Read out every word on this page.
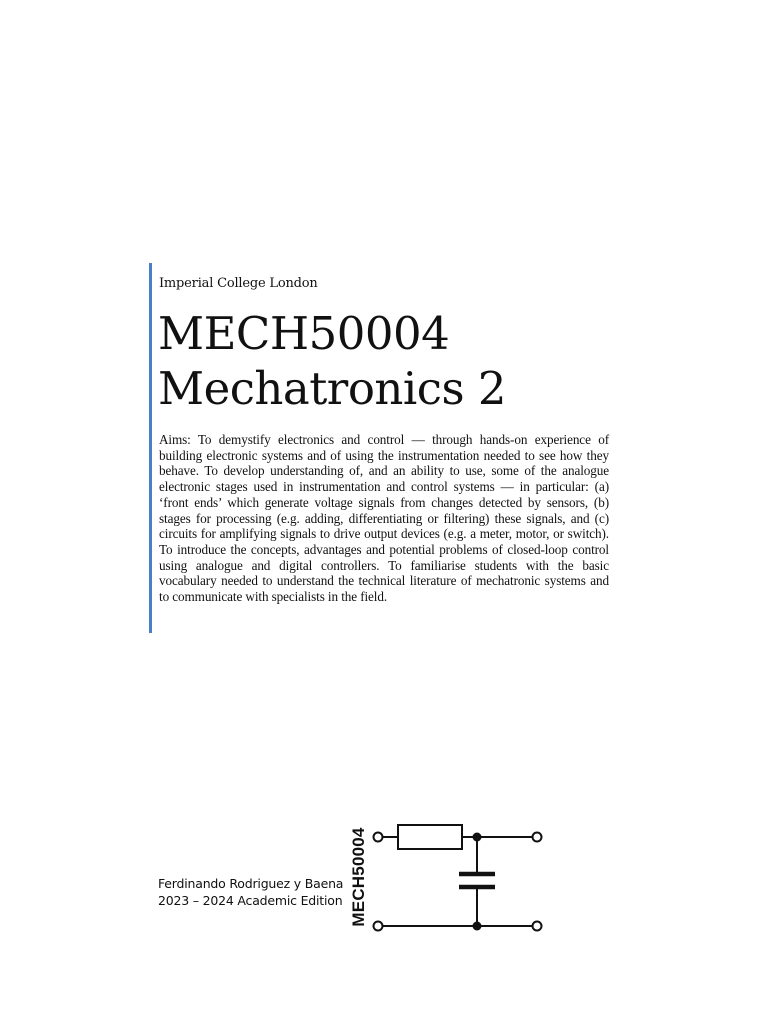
Imperial College London
MECH50004
Mechatronics 2
Aims: To demystify electronics and control — through hands-on experience of building electronic systems and of using the instrumentation needed to see how they behave. To develop understanding of, and an ability to use, some of the analogue electronic stages used in instrumentation and control systems — in particular: (a) ‘front ends’ which generate voltage signals from changes detected by sensors, (b) stages for processing (e.g. adding, differentiating or filtering) these signals, and (c) circuits for amplifying signals to drive output devices (e.g. a meter, motor, or switch). To introduce the concepts, advantages and potential problems of closed-loop control using analogue and digital controllers. To familiarise students with the basic vocabulary needed to understand the technical literature of mechatronic systems and to communicate with specialists in the field.
Ferdinando Rodriguez y Baena
2023 – 2024 Academic Edition MECH50004
